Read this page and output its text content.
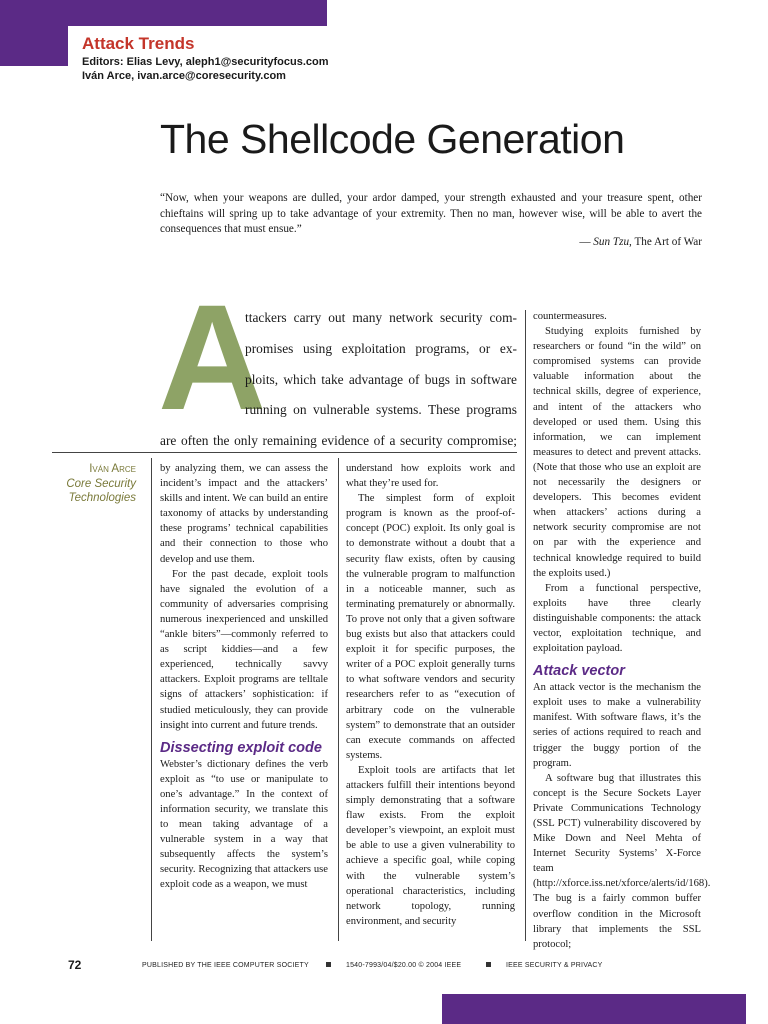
Attack Trends
Editors: Elias Levy, aleph1@securityfocus.com
Iván Arce, ivan.arce@coresecurity.com
The Shellcode Generation

“Now, when your weapons are dulled, your ardor damped, your strength exhausted and your treasure spent, other chieftains will spring up to take advantage of your extremity. Then no man, however wise, will be able to avert the consequences that must ensue.”

— Sun Tzu, The Art of War
A
ttackers carry out many network security com-
promises using exploitation programs, or ex-
ploits, which take advantage of bugs in software
running on vulnerable systems. These programs
are often the only remaining evidence of a security compromise;
Iván Arce
Core Security Technologies

by analyzing them, we can assess the incident’s impact and the attackers’ skills and intent. We can build an entire taxonomy of attacks by understanding these programs’ technical capabilities and their connection to those who develop and use them.

For the past decade, exploit tools have signaled the evolution of a community of adversaries comprising numerous inexperienced and unskilled “ankle biters”—commonly referred to as script kiddies—and a few experienced, technically savvy attackers. Exploit programs are telltale signs of attackers’ sophistication: if studied meticulously, they can provide insight into current and future trends.

Dissecting exploit code

Webster’s dictionary defines the verb exploit as “to use or manipulate to one’s advantage.” In the context of information security, we translate this to mean taking advantage of a vulnerable system in a way that subsequently affects the system’s security. Recognizing that attackers use exploit code as a weapon, we must

understand how exploits work and what they’re used for.

The simplest form of exploit program is known as the proof-of-concept (POC) exploit. Its only goal is to demonstrate without a doubt that a security flaw exists, often by causing the vulnerable program to malfunction in a noticeable manner, such as terminating prematurely or abnormally. To prove not only that a given software bug exists but also that attackers could exploit it for specific purposes, the writer of a POC exploit generally turns to what software vendors and security researchers refer to as “execution of arbitrary code on the vulnerable system” to demonstrate that an outsider can execute commands on affected systems.

Exploit tools are artifacts that let attackers fulfill their intentions beyond simply demonstrating that a software flaw exists. From the exploit developer’s viewpoint, an exploit must be able to use a given vulnerability to achieve a specific goal, while coping with the vulnerable system’s operational characteristics, including network topology, running environment, and security

countermeasures.

Studying exploits furnished by researchers or found “in the wild” on compromised systems can provide valuable information about the technical skills, degree of experience, and intent of the attackers who developed or used them. Using this information, we can implement measures to detect and prevent attacks. (Note that those who use an exploit are not necessarily the designers or developers. This becomes evident when attackers’ actions during a network security compromise are not on par with the experience and technical knowledge required to build the exploits used.)

From a functional perspective, exploits have three clearly distinguishable components: the attack vector, exploitation technique, and exploitation payload.

Attack vector

An attack vector is the mechanism the exploit uses to make a vulnerability manifest. With software flaws, it’s the series of actions required to reach and trigger the buggy portion of the program.

A software bug that illustrates this concept is the Secure Sockets Layer Private Communications Technology (SSL PCT) vulnerability discovered by Mike Down and Neel Mehta of Internet Security Systems’ X-Force team (http://xforce.iss.net/xforce/alerts/id/168). The bug is a fairly common buffer overflow condition in the Microsoft library that implements the SSL protocol;

72	PUBLISHED BY THE IEEE COMPUTER SOCIETY	1540-7993/04/$20.00 © 2004 IEEE	IEEE SECURITY & PRIVACY
